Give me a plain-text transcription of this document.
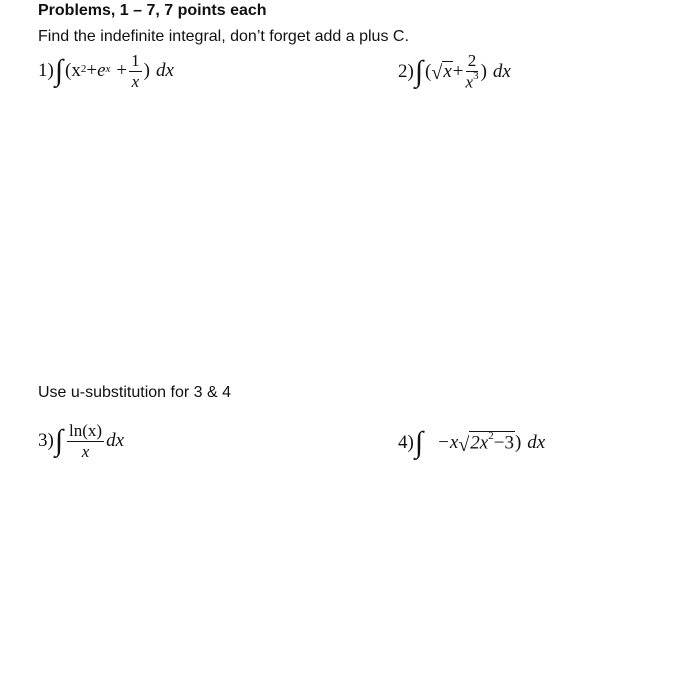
Problems, 1 – 7, 7 points each
Find the indefinite integral, don’t forget add a plus C.
1) ∫ (x 2 + e $x + \frac{1}{x}$ ) dx	2) ∫ ( √ $x + \frac{2}{x^3}$ ) dx
Use u-substitution for 3 & 4
3) ∫ $\frac{\ln(x)}{x}$ dx	4) ∫ −x √ $2x^2-3$ ) dx
